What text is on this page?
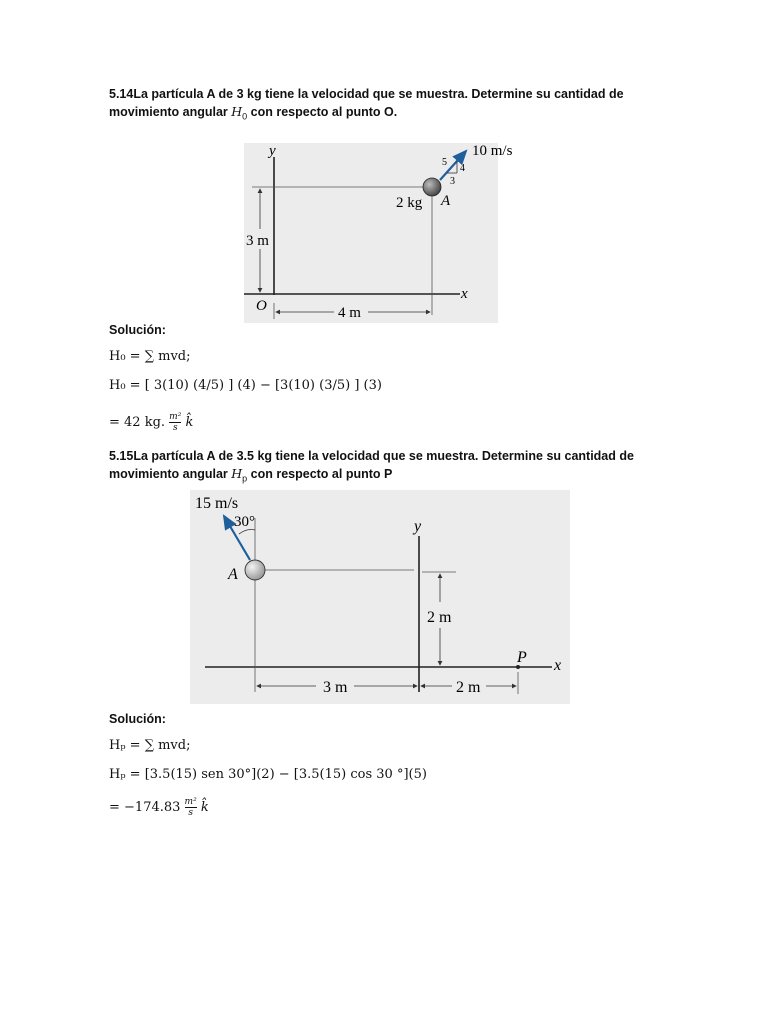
5.14La partícula A de 3 kg tiene la velocidad que se muestra. Determine su cantidad de
movimiento angular $H_0$ con respecto al punto O.
y
x
O
3 m
4 m
A
2 kg
10 m/s
5
4
3
Solución:
H₀ = ∑ mvd;
H₀ = [ 3(10) (4/5) ] (4) − [3(10) (3/5) ] (3)
= 42 kg. $\frac{\text{m²}}{s}$ k̂
5.15La partícula A de 3.5 kg tiene la velocidad que se muestra. Determine su cantidad de
movimiento angular $H_p$ con respecto al punto P
x
y
P
A
30°
15 m/s
2 m
3 m	2 m
Solución:
Hₚ = ∑ mvd;
Hₚ = [3.5(15) sen 30°](2) − [3.5(15) cos 30 °](5)
= $-174.83 \frac{\text{m²}}{s}$ k̂
